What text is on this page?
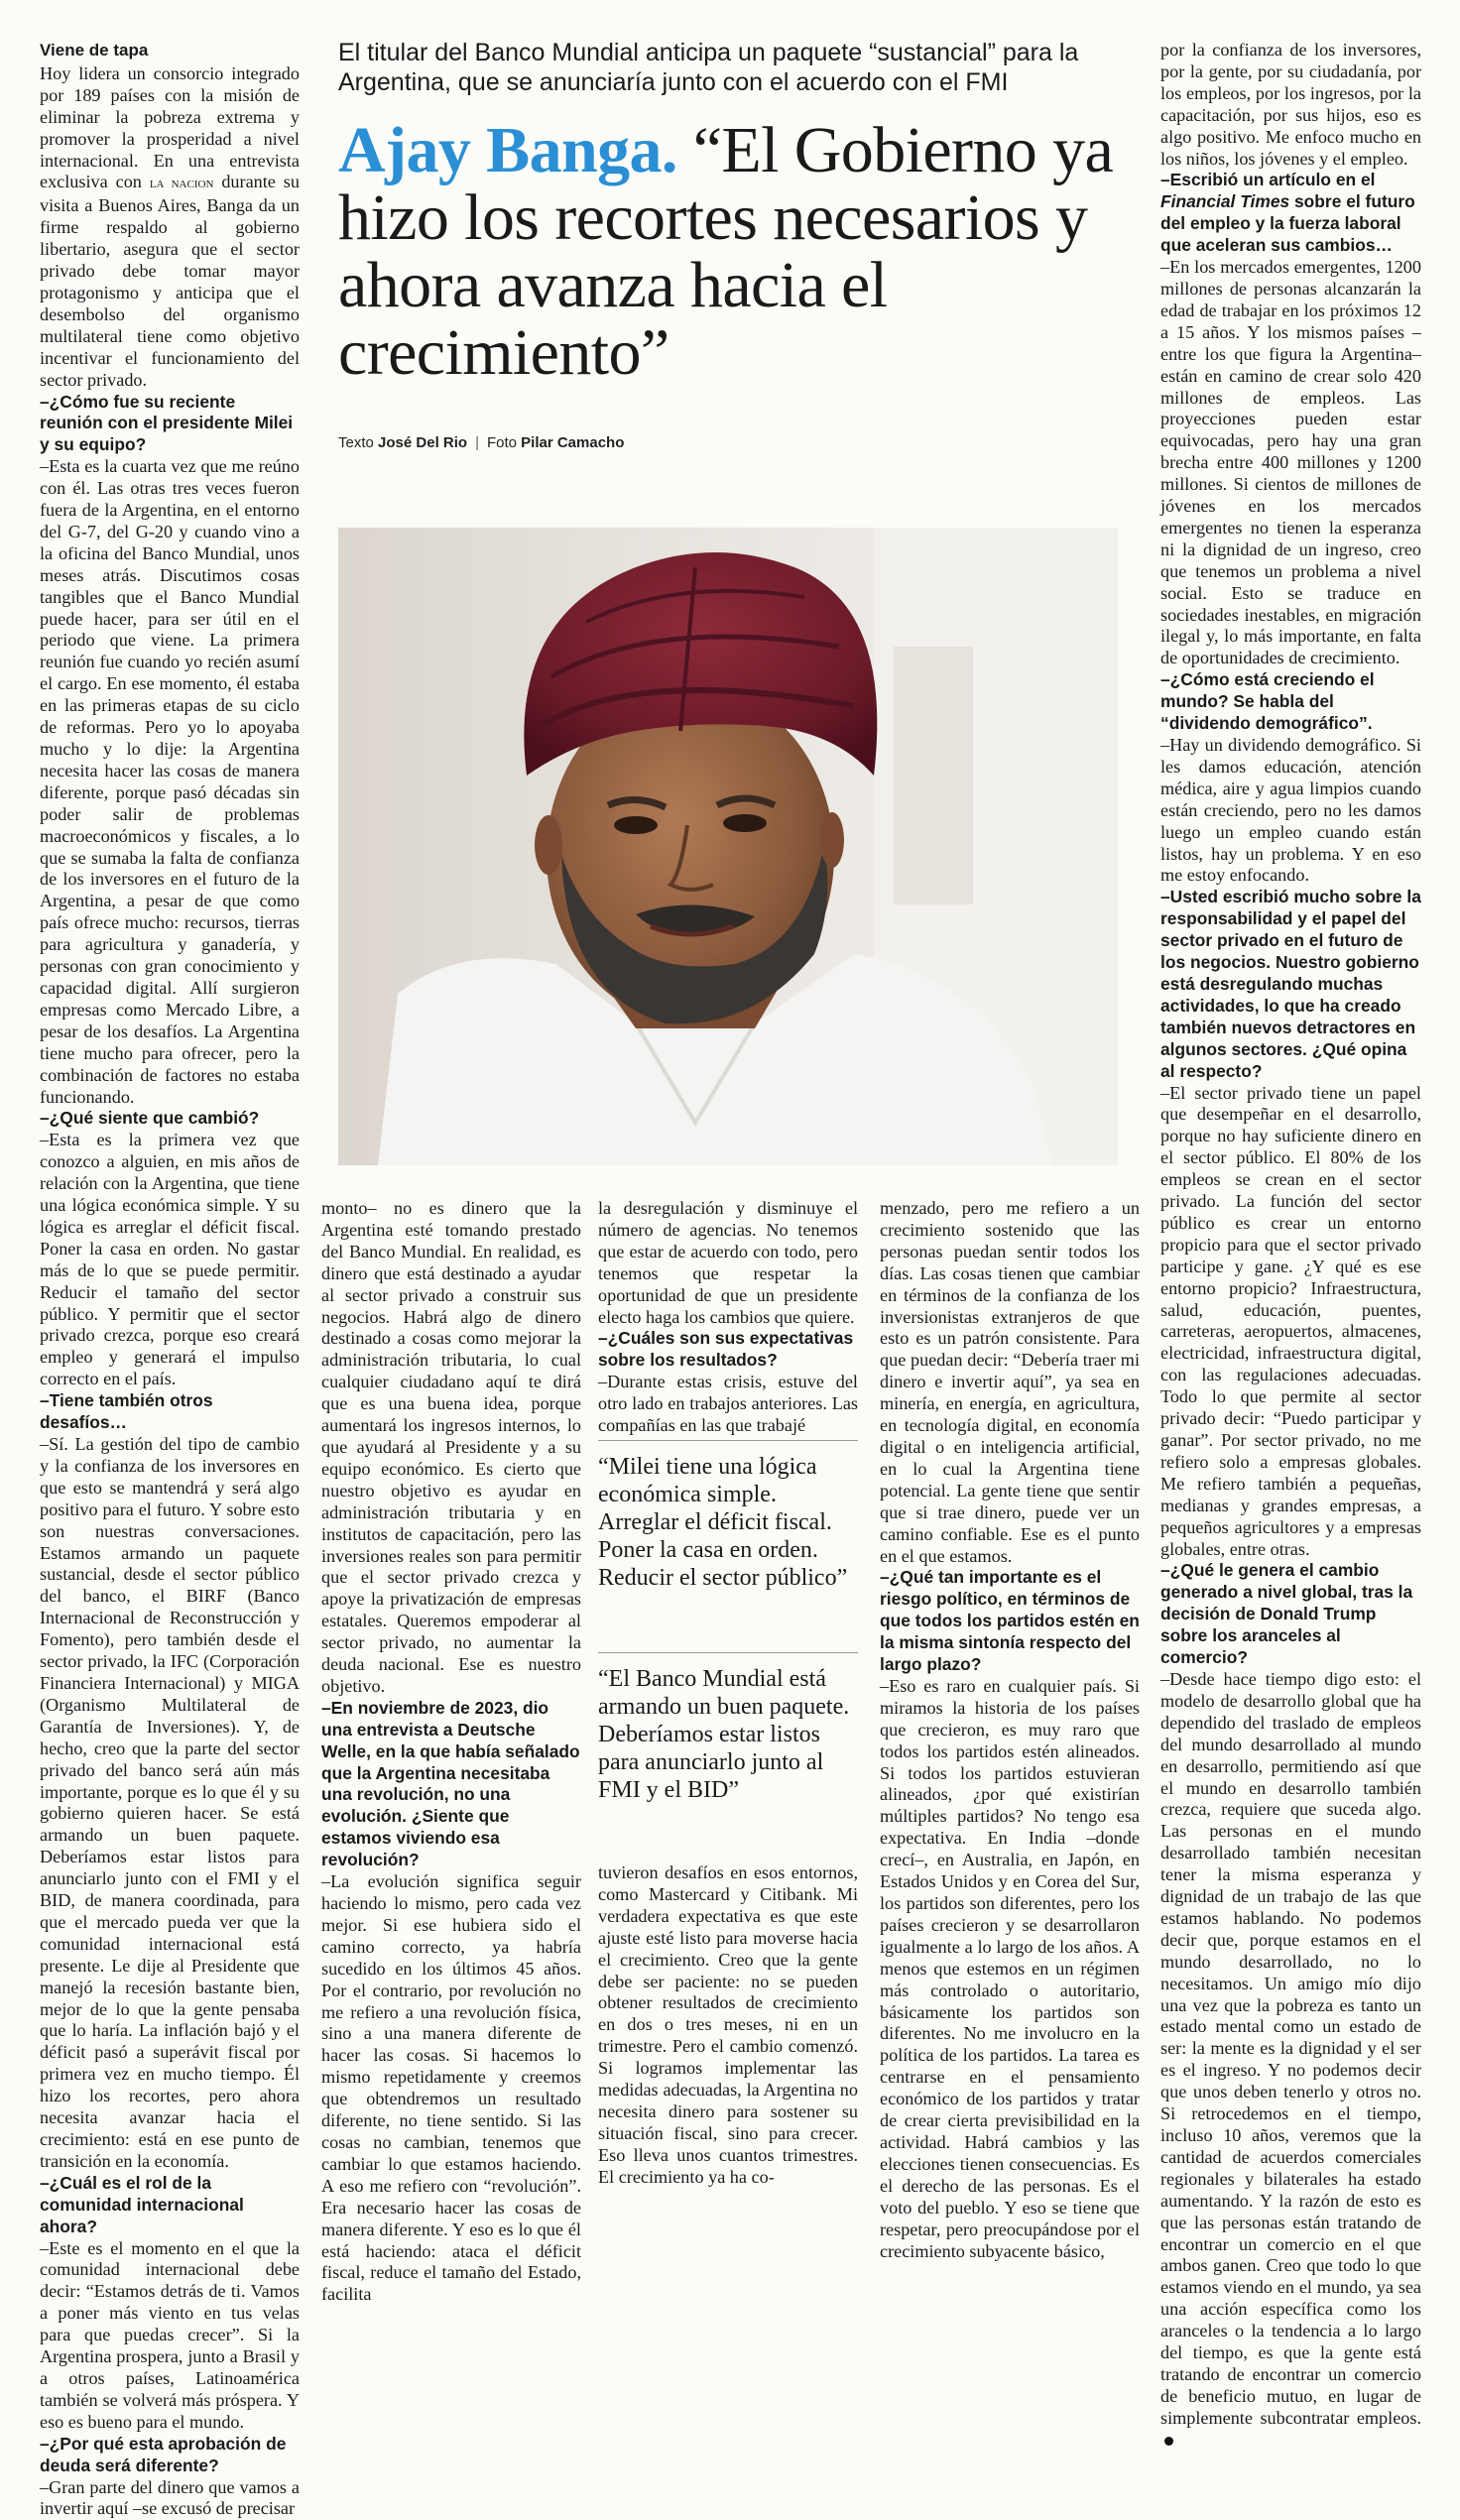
Viene de tapa

Hoy lidera un consorcio integrado por 189 países con la misión de eliminar la pobreza extrema y promover la prosperidad a nivel internacional. En una entrevista exclusiva con la nacion durante su visita a Buenos Aires, Banga da un firme respaldo al gobierno libertario, asegura que el sector privado debe tomar mayor protagonismo y anticipa que el desembolso del organismo multilateral tiene como objetivo incentivar el funcionamiento del sector privado.

–¿Cómo fue su reciente reunión con el presidente Milei y su equipo?

–Esta es la cuarta vez que me reúno con él. Las otras tres veces fueron fuera de la Argentina, en el entorno del G-7, del G-20 y cuando vino a la oficina del Banco Mundial, unos meses atrás. Discutimos cosas tangibles que el Banco Mundial puede hacer, para ser útil en el periodo que viene. La primera reunión fue cuando yo recién asumí el cargo. En ese momento, él estaba en las primeras etapas de su ciclo de reformas. Pero yo lo apoyaba mucho y lo dije: la Argentina necesita hacer las cosas de manera diferente, porque pasó décadas sin poder salir de problemas macroeconómicos y fiscales, a lo que se sumaba la falta de confianza de los inversores en el futuro de la Argentina, a pesar de que como país ofrece mucho: recursos, tierras para agricultura y ganadería, y personas con gran conocimiento y capacidad digital. Allí surgieron empresas como Mercado Libre, a pesar de los desafíos. La Argentina tiene mucho para ofrecer, pero la combinación de factores no estaba funcionando.

–¿Qué siente que cambió?

–Esta es la primera vez que conozco a alguien, en mis años de relación con la Argentina, que tiene una lógica económica simple. Y su lógica es arreglar el déficit fiscal. Poner la casa en orden. No gastar más de lo que se puede permitir. Reducir el tamaño del sector público. Y permitir que el sector privado crezca, porque eso creará empleo y generará el impulso correcto en el país.

–Tiene también otros desafíos…

–Sí. La gestión del tipo de cambio y la confianza de los inversores en que esto se mantendrá y será algo positivo para el futuro. Y sobre esto son nuestras conversaciones. Estamos armando un paquete sustancial, desde el sector público del banco, el BIRF (Banco Internacional de Reconstrucción y Fomento), pero también desde el sector privado, la IFC (Corporación Financiera Internacional) y MIGA (Organismo Multilateral de Garantía de Inversiones). Y, de hecho, creo que la parte del sector privado del banco será aún más importante, porque es lo que él y su gobierno quieren hacer. Se está armando un buen paquete. Deberíamos estar listos para anunciarlo junto con el FMI y el BID, de manera coordinada, para que el mercado pueda ver que la comunidad internacional está presente. Le dije al Presidente que manejó la recesión bastante bien, mejor de lo que la gente pensaba que lo haría. La inflación bajó y el déficit pasó a superávit fiscal por primera vez en mucho tiempo. Él hizo los recortes, pero ahora necesita avanzar hacia el crecimiento: está en ese punto de transición en la economía.

–¿Cuál es el rol de la comunidad internacional ahora?

–Este es el momento en el que la comunidad internacional debe decir: “Estamos detrás de ti. Vamos a poner más viento en tus velas para que puedas crecer”. Si la Argentina prospera, junto a Brasil y a otros países, Latinoamérica también se volverá más próspera. Y eso es bueno para el mundo.

–¿Por qué esta aprobación de deuda será diferente?

–Gran parte del dinero que vamos a invertir aquí –se excusó de precisar

El titular del Banco Mundial anticipa un paquete “sustancial” para la Argentina, que se anunciaría junto con el acuerdo con el FMI
Ajay Banga. “El Gobierno ya hizo los recortes necesarios y ahora avanza hacia el crecimiento”
Texto José Del Rio | Foto Pilar Camacho

monto– no es dinero que la Argentina esté tomando prestado del Banco Mundial. En realidad, es dinero que está destinado a ayudar al sector privado a construir sus negocios. Habrá algo de dinero destinado a cosas como mejorar la administración tributaria, lo cual cualquier ciudadano aquí te dirá que es una buena idea, porque aumentará los ingresos internos, lo que ayudará al Presidente y a su equipo económico. Es cierto que nuestro objetivo es ayudar en administración tributaria y en institutos de capacitación, pero las inversiones reales son para permitir que el sector privado crezca y apoye la privatización de empresas estatales. Queremos empoderar al sector privado, no aumentar la deuda nacional. Ese es nuestro objetivo.

–En noviembre de 2023, dio una entrevista a Deutsche Welle, en la que había señalado que la Argentina necesitaba una revolución, no una evolución. ¿Siente que estamos viviendo esa revolución?

–La evolución significa seguir haciendo lo mismo, pero cada vez mejor. Si ese hubiera sido el camino correcto, ya habría sucedido en los últimos 45 años. Por el contrario, por revolución no me refiero a una revolución física, sino a una manera diferente de hacer las cosas. Si hacemos lo mismo repetidamente y creemos que obtendremos un resultado diferente, no tiene sentido. Si las cosas no cambian, tenemos que cambiar lo que estamos haciendo. A eso me refiero con “revolución”. Era necesario hacer las cosas de manera diferente. Y eso es lo que él está haciendo: ataca el déficit fiscal, reduce el tamaño del Estado, facilita

la desregulación y disminuye el número de agencias. No tenemos que estar de acuerdo con todo, pero tenemos que respetar la oportunidad de que un presidente electo haga los cambios que quiere.

–¿Cuáles son sus expectativas sobre los resultados?

–Durante estas crisis, estuve del otro lado en trabajos anteriores. Las compañías en las que trabajé

“Milei tiene una lógica económica simple. Arreglar el déficit fiscal. Poner la casa en orden. Reducir el sector público”
“El Banco Mundial está armando un buen paquete. Deberíamos estar listos para anunciarlo junto al FMI y el BID”

tuvieron desafíos en esos entornos, como Mastercard y Citibank. Mi verdadera expectativa es que este ajuste esté listo para moverse hacia el crecimiento. Creo que la gente debe ser paciente: no se pueden obtener resultados de crecimiento en dos o tres meses, ni en un trimestre. Pero el cambio comenzó. Si logramos implementar las medidas adecuadas, la Argentina no necesita dinero para sostener su situación fiscal, sino para crecer. Eso lleva unos cuantos trimestres. El crecimiento ya ha co-

menzado, pero me refiero a un crecimiento sostenido que las personas puedan sentir todos los días. Las cosas tienen que cambiar en términos de la confianza de los inversionistas extranjeros de que esto es un patrón consistente. Para que puedan decir: “Debería traer mi dinero e invertir aquí”, ya sea en minería, en energía, en agricultura, en tecnología digital, en economía digital o en inteligencia artificial, en lo cual la Argentina tiene potencial. La gente tiene que sentir que si trae dinero, puede ver un camino confiable. Ese es el punto en el que estamos.

–¿Qué tan importante es el riesgo político, en términos de que todos los partidos estén en la misma sintonía respecto del largo plazo?

–Eso es raro en cualquier país. Si miramos la historia de los países que crecieron, es muy raro que todos los partidos estén alineados. Si todos los partidos estuvieran alineados, ¿por qué existirían múltiples partidos? No tengo esa expectativa. En India –donde crecí–, en Australia, en Japón, en Estados Unidos y en Corea del Sur, los partidos son diferentes, pero los países crecieron y se desarrollaron igualmente a lo largo de los años. A menos que estemos en un régimen más controlado o autoritario, básicamente los partidos son diferentes. No me involucro en la política de los partidos. La tarea es centrarse en el pensamiento económico de los partidos y tratar de crear cierta previsibilidad en la actividad. Habrá cambios y las elecciones tienen consecuencias. Es el derecho de las personas. Es el voto del pueblo. Y eso se tiene que respetar, pero preocupándose por el crecimiento subyacente básico,

por la confianza de los inversores, por la gente, por su ciudadanía, por los empleos, por los ingresos, por la capacitación, por sus hijos, eso es algo positivo. Me enfoco mucho en los niños, los jóvenes y el empleo.

–Escribió un artículo en el Financial Times sobre el futuro del empleo y la fuerza laboral que aceleran sus cambios…

–En los mercados emergentes, 1200 millones de personas alcanzarán la edad de trabajar en los próximos 12 a 15 años. Y los mismos países –entre los que figura la Argentina– están en camino de crear solo 420 millones de empleos. Las proyecciones pueden estar equivocadas, pero hay una gran brecha entre 400 millones y 1200 millones. Si cientos de millones de jóvenes en los mercados emergentes no tienen la esperanza ni la dignidad de un ingreso, creo que tenemos un problema a nivel social. Esto se traduce en sociedades inestables, en migración ilegal y, lo más importante, en falta de oportunidades de crecimiento.

–¿Cómo está creciendo el mundo? Se habla del “dividendo demográfico”.

–Hay un dividendo demográfico. Si les damos educación, atención médica, aire y agua limpios cuando están creciendo, pero no les damos luego un empleo cuando están listos, hay un problema. Y en eso me estoy enfocando.

–Usted escribió mucho sobre la responsabilidad y el papel del sector privado en el futuro de los negocios. Nuestro gobierno está desregulando muchas actividades, lo que ha creado también nuevos detractores en algunos sectores. ¿Qué opina al respecto?

–El sector privado tiene un papel que desempeñar en el desarrollo, porque no hay suficiente dinero en el sector público. El 80% de los empleos se crean en el sector privado. La función del sector público es crear un entorno propicio para que el sector privado participe y gane. ¿Y qué es ese entorno propicio? Infraestructura, salud, educación, puentes, carreteras, aeropuertos, almacenes, electricidad, infraestructura digital, con las regulaciones adecuadas. Todo lo que permite al sector privado decir: “Puedo participar y ganar”. Por sector privado, no me refiero solo a empresas globales. Me refiero también a pequeñas, medianas y grandes empresas, a pequeños agricultores y a empresas globales, entre otras.

–¿Qué le genera el cambio generado a nivel global, tras la decisión de Donald Trump sobre los aranceles al comercio?

–Desde hace tiempo digo esto: el modelo de desarrollo global que ha dependido del traslado de empleos del mundo desarrollado al mundo en desarrollo, permitiendo así que el mundo en desarrollo también crezca, requiere que suceda algo. Las personas en el mundo desarrollado también necesitan tener la misma esperanza y dignidad de un trabajo de las que estamos hablando. No podemos decir que, porque estamos en el mundo desarrollado, no lo necesitamos. Un amigo mío dijo una vez que la pobreza es tanto un estado mental como un estado de ser: la mente es la dignidad y el ser es el ingreso. Y no podemos decir que unos deben tenerlo y otros no. Si retrocedemos en el tiempo, incluso 10 años, veremos que la cantidad de acuerdos comerciales regionales y bilaterales ha estado aumentando. Y la razón de esto es que las personas están tratando de encontrar un comercio en el que ambos ganen. Creo que todo lo que estamos viendo en el mundo, ya sea una acción específica como los aranceles o la tendencia a lo largo del tiempo, es que la gente está tratando de encontrar un comercio de beneficio mutuo, en lugar de simplemente subcontratar empleos.
